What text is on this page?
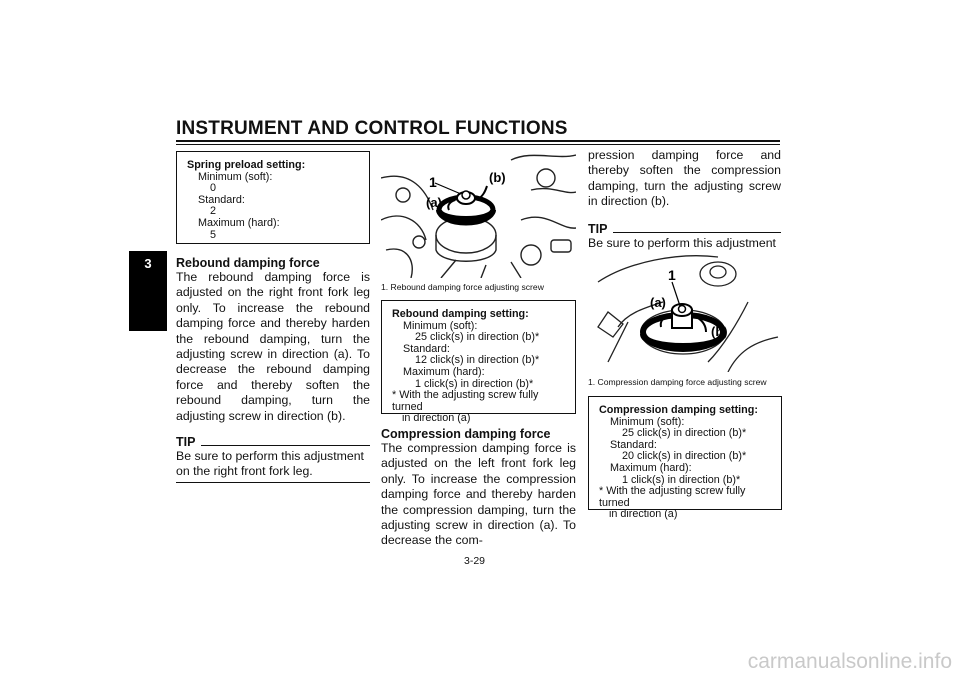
INSTRUMENT AND CONTROL FUNCTIONS
3
Spring preload setting:
Minimum (soft):
0
Standard:
2
Maximum (hard):
5
Rebound damping force
The rebound damping force is adjusted on the right front fork leg only. To increase the rebound damping force and thereby harden the rebound damping, turn the adjusting screw in direction (a). To decrease the rebound damping force and thereby soften the rebound damping, turn the adjusting screw in direction (b).
TIP
Be sure to perform this adjustment on the right front fork leg.
1
(a)
(b)
1. Rebound damping force adjusting screw
Rebound damping setting:
Minimum (soft):
25 click(s) in direction (b)*
Standard:
12 click(s) in direction (b)*
Maximum (hard):
1 click(s) in direction (b)*
* With the adjusting screw fully turned
in direction (a)
Compression damping force
The compression damping force is adjusted on the left front fork leg only. To increase the compression damping force and thereby harden the compression damping, turn the adjusting screw in direction (a). To decrease the com-
pression damping force and thereby soften the compression damping, turn the adjusting screw in direction (b).
TIP
Be sure to perform this adjustment
1
(a)
(b)
1. Compression damping force adjusting screw
Compression damping setting:
Minimum (soft):
25 click(s) in direction (b)*
Standard:
20 click(s) in direction (b)*
Maximum (hard):
1 click(s) in direction (b)*
* With the adjusting screw fully turned
in direction (a)
3-29
carmanualsonline.info
